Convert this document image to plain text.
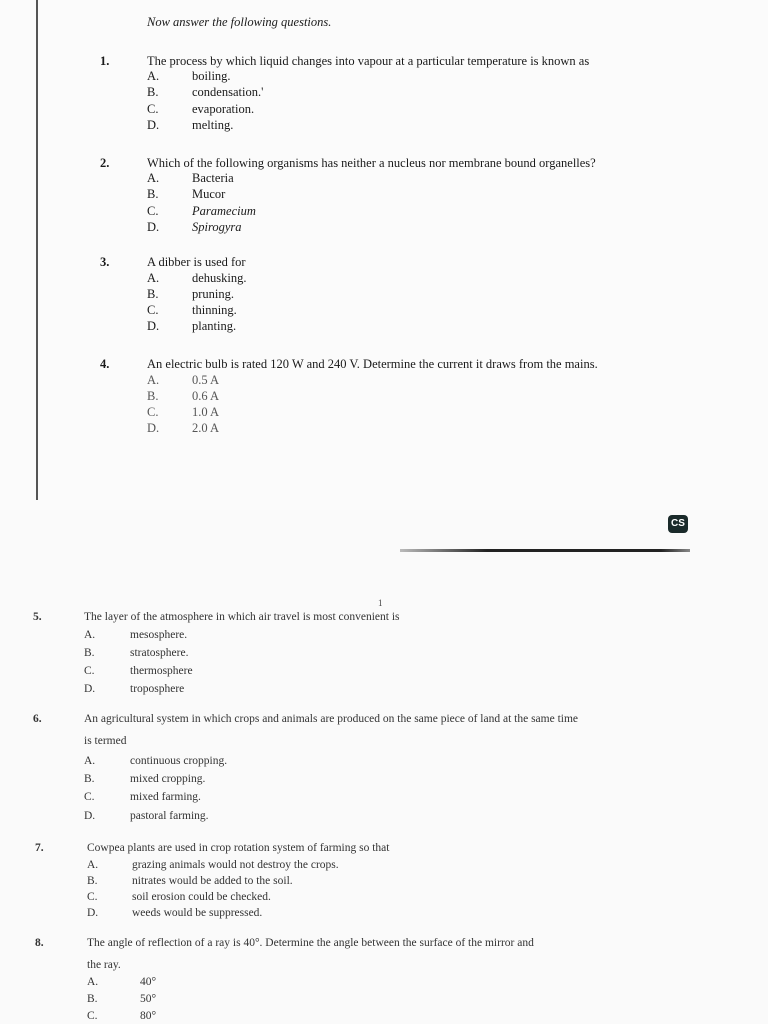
Now answer the following questions.
CS
1
1.	The process by which liquid changes into vapour at a particular temperature is known as
A.	boiling.
B.	condensation.'
C.	evaporation.
D.	melting.
2.	Which of the following organisms has neither a nucleus nor membrane bound organelles?
A.	Bacteria
B.	Mucor
C.	Paramecium
D.	Spirogyra
3.	A dibber is used for
A.	dehusking.
B.	pruning.
C.	thinning.
D.	planting.
4.	An electric bulb is rated 120 W and 240 V. Determine the current it draws from the mains.
A.	0.5 A
B.	0.6 A
C.	1.0 A
D.	2.0 A
5.	The layer of the atmosphere in which air travel is most convenient is
A.	mesosphere.
B.	stratosphere.
C.	thermosphere
D.	troposphere
6.	An agricultural system in which crops and animals are produced on the same piece of land at the same time
is termed
A.	continuous cropping.
B.	mixed cropping.
C.	mixed farming.
D.	pastoral farming.
7.	Cowpea plants are used in crop rotation system of farming so that
A.	grazing animals would not destroy the crops.
B.	nitrates would be added to the soil.
C.	soil erosion could be checked.
D.	weeds would be suppressed.
8.	The angle of reflection of a ray is 40°. Determine the angle between the surface of the mirror and
the ray.
A.	40°
B.	50°
C.	80°
